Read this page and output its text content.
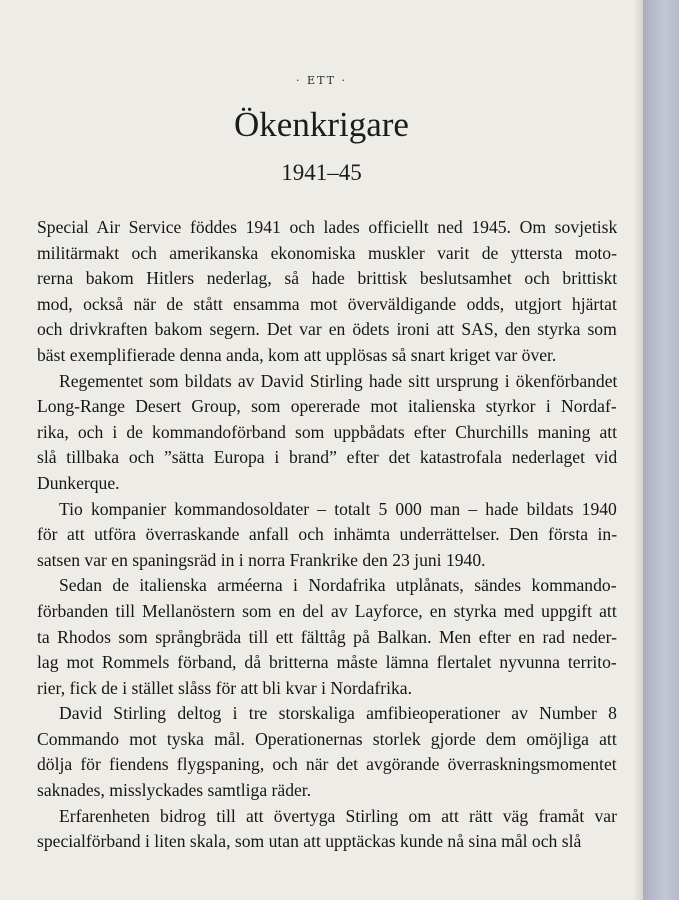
· ETT ·
Ökenkrigare
1941–45

Special Air Service föddes 1941 och lades officiellt ned 1945. Om sovjetisk
militärmakt och amerikanska ekonomiska muskler varit de yttersta moto-
rerna bakom Hitlers nederlag, så hade brittisk beslutsamhet och brittiskt
mod, också när de stått ensamma mot överväldigande odds, utgjort hjärtat
och drivkraften bakom segern. Det var en ödets ironi att SAS, den styrka som
bäst exemplifierade denna anda, kom att upplösas så snart kriget var över.

Regementet som bildats av David Stirling hade sitt ursprung i ökenförbandet
Long-Range Desert Group, som opererade mot italienska styrkor i Nordaf-
rika, och i de kommandoförband som uppbådats efter Churchills maning att
slå tillbaka och ”sätta Europa i brand” efter det katastrofala nederlaget vid
Dunkerque.

Tio kompanier kommandosoldater – totalt 5 000 man – hade bildats 1940
för att utföra överraskande anfall och inhämta underrättelser. Den första in-
satsen var en spaningsräd in i norra Frankrike den 23 juni 1940.

Sedan de italienska arméerna i Nordafrika utplånats, sändes kommando-
förbanden till Mellanöstern som en del av Layforce, en styrka med uppgift att
ta Rhodos som språngbräda till ett fälttåg på Balkan. Men efter en rad neder-
lag mot Rommels förband, då britterna måste lämna flertalet nyvunna territo-
rier, fick de i stället slåss för att bli kvar i Nordafrika.

David Stirling deltog i tre storskaliga amfibieoperationer av Number 8
Commando mot tyska mål. Operationernas storlek gjorde dem omöjliga att
dölja för fiendens flygspaning, och när det avgörande överraskningsmomentet
saknades, misslyckades samtliga räder.

Erfarenheten bidrog till att övertyga Stirling om att rätt väg framåt var
specialförband i liten skala, som utan att upptäckas kunde nå sina mål och slå
